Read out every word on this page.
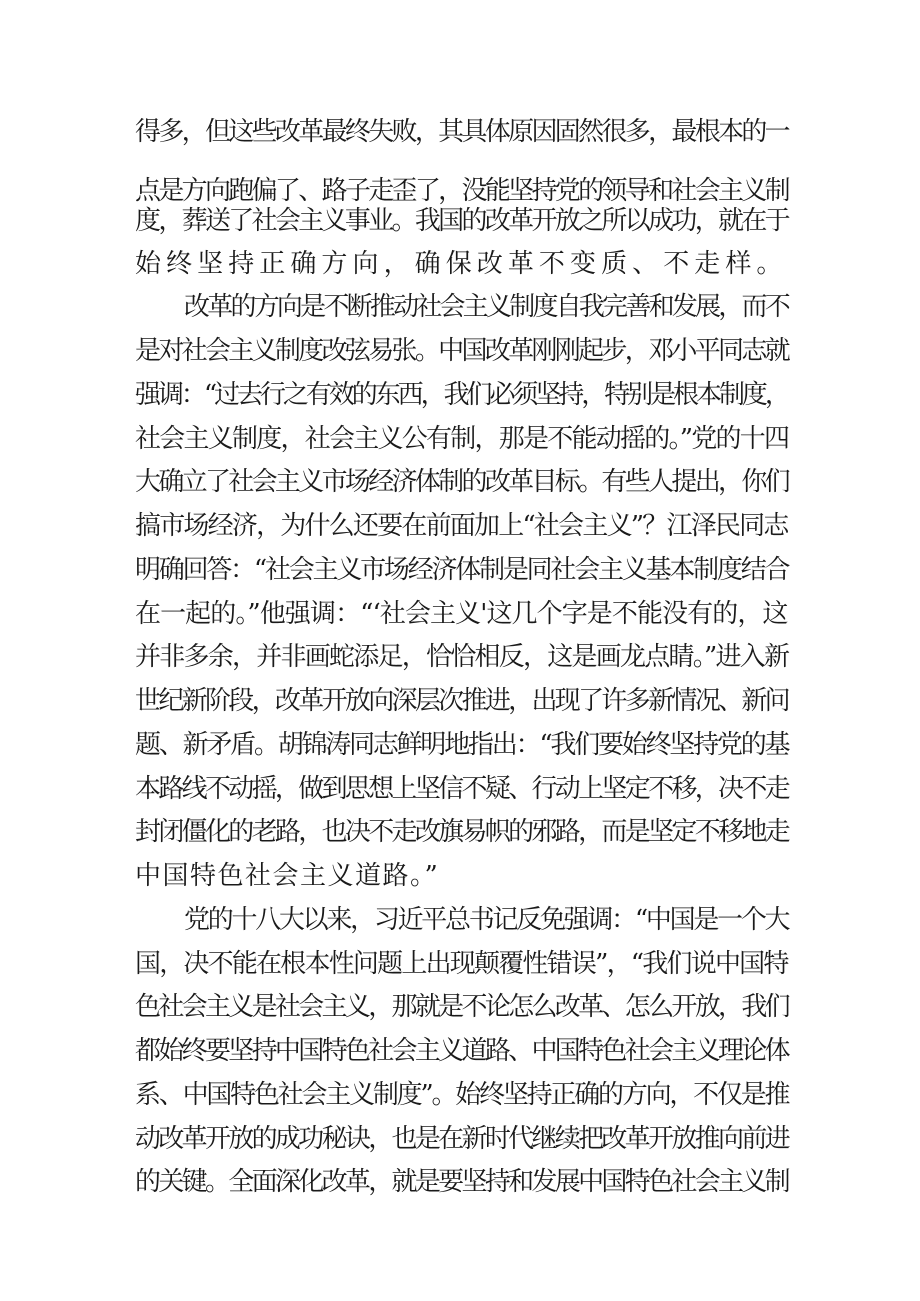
得多，但这些改革最终失败，其具体原因固然很多，最根本的一
点是方向跑偏了、路子走歪了，没能坚持党的领导和社会主义制
度，葬送了社会主义事业。我国的改革开放之所以成功，就在于
始终坚持正确方向，确保改革不变质、不走样。
改革的方向是不断推动社会主义制度自我完善和发展，而不
是对社会主义制度改弦易张。中国改革刚刚起步，邓小平同志就
强调：“过去行之有效的东西，我们必须坚持，特别是根本制度，
社会主义制度，社会主义公有制，那是不能动摇的。”党的十四
大确立了社会主义市场经济体制的改革目标。有些人提出，你们
搞市场经济，为什么还要在前面加上“社会主义”？江泽民同志
明确回答：“社会主义市场经济体制是同社会主义基本制度结合
在一起的。”他强调：“‘社会主义'这几个字是不能没有的，这
并非多余，并非画蛇添足，恰恰相反，这是画龙点睛。”进入新
世纪新阶段，改革开放向深层次推进，出现了许多新情况、新问
题、新矛盾。胡锦涛同志鲜明地指出：“我们要始终坚持党的基
本路线不动摇，做到思想上坚信不疑、行动上坚定不移，决不走
封闭僵化的老路，也决不走改旗易帜的邪路，而是坚定不移地走
中国特色社会主义道路。”
党的十八大以来，习近平总书记反免强调：“中国是一个大
国，决不能在根本性问题上出现颠覆性错误”，“我们说中国特
色社会主义是社会主义，那就是不论怎么改革、怎么开放，我们
都始终要坚持中国特色社会主义道路、中国特色社会主义理论体
系、中国特色社会主义制度”。始终坚持正确的方向，不仅是推
动改革开放的成功秘诀，也是在新时代继续把改革开放推向前进
的关键。全面深化改革，就是要坚持和发展中国特色社会主义制
